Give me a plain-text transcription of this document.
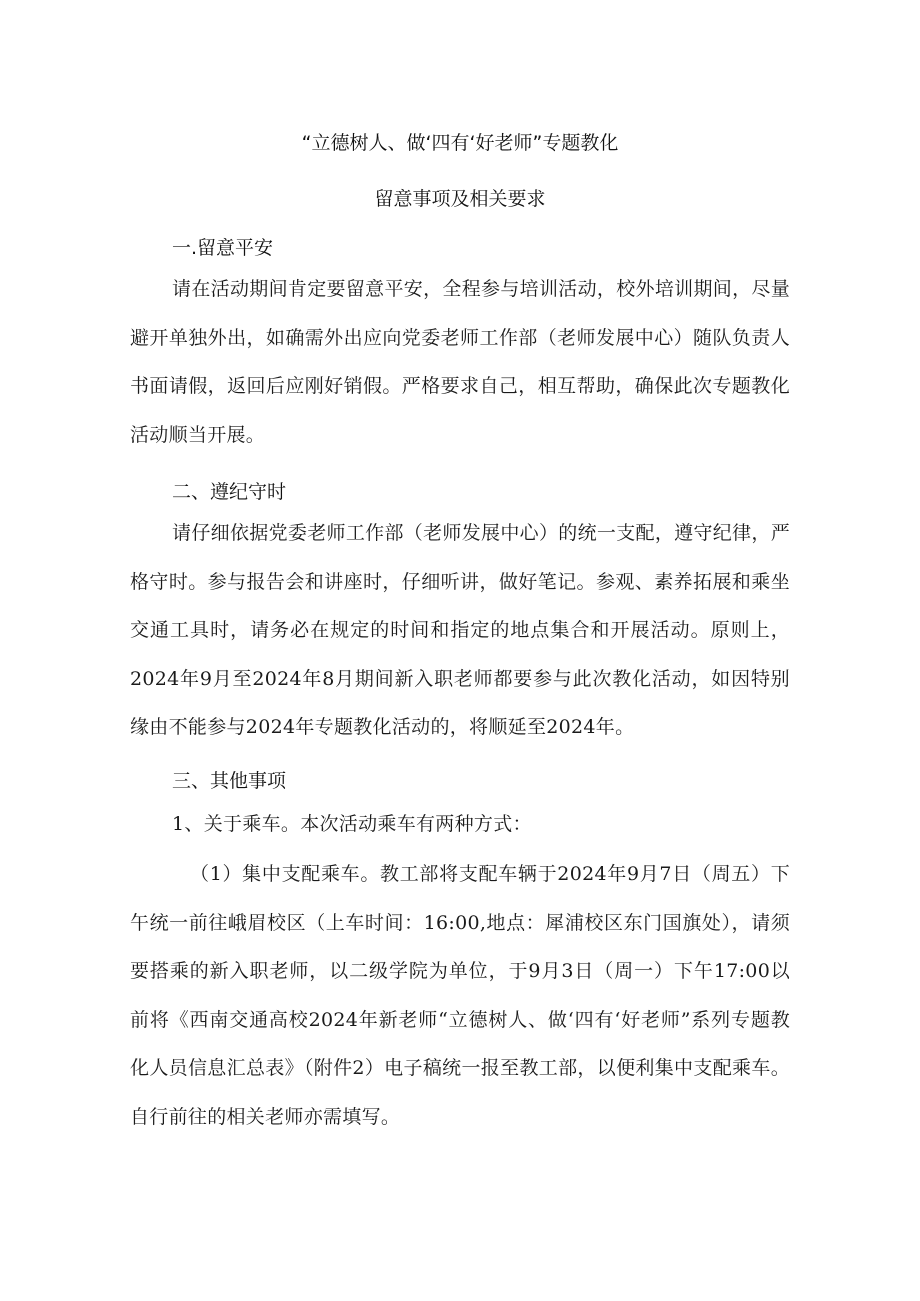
“立德树人、做‘四有‘好老师”专题教化
留意事项及相关要求
一.留意平安

请在活动期间肯定要留意平安，全程参与培训活动，校外培训期间，尽量避开单独外出，如确需外出应向党委老师工作部（老师发展中心）随队负责人书面请假，返回后应刚好销假。严格要求自己，相互帮助，确保此次专题教化活动顺当开展。

二、遵纪守时

请仔细依据党委老师工作部（老师发展中心）的统一支配，遵守纪律，严格守时。参与报告会和讲座时，仔细听讲，做好笔记。参观、素养拓展和乘坐交通工具时，请务必在规定的时间和指定的地点集合和开展活动。原则上，2024年9月至2024年8月期间新入职老师都要参与此次教化活动，如因特别缘由不能参与2024年专题教化活动的，将顺延至2024年。

三、其他事项

1、关于乘车。本次活动乘车有两种方式：

（1）集中支配乘车。教工部将支配车辆于2024年9月7日（周五）下午统一前往峨眉校区（上车时间：16:00,地点：犀浦校区东门国旗处），请须要搭乘的新入职老师，以二级学院为单位，于9月3日（周一）下午17:00以前将《西南交通高校2024年新老师“立德树人、做‘四有‘好老师”系列专题教化人员信息汇总表》（附件2）电子稿统一报至教工部，以便利集中支配乘车。自行前往的相关老师亦需填写。
